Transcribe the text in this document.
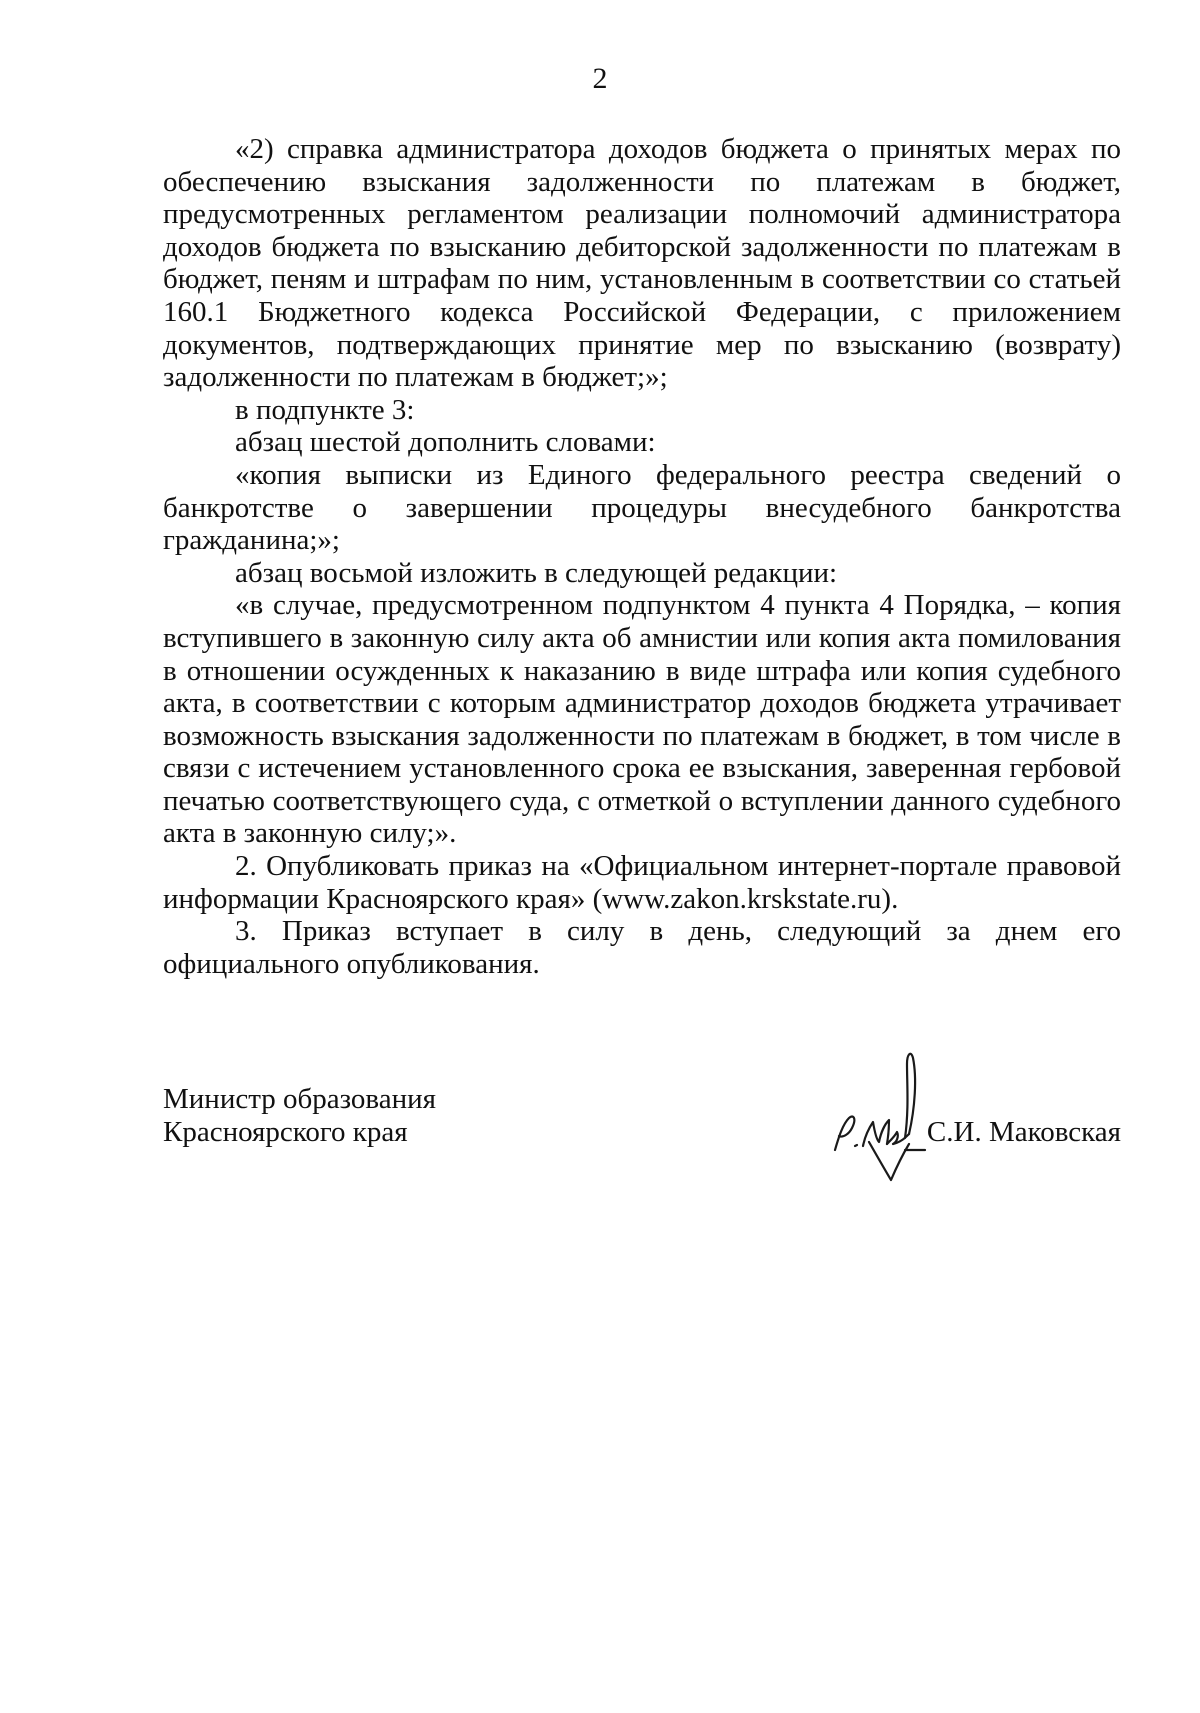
2

«2) справка администратора доходов бюджета о принятых мерах по обеспечению взыскания задолженности по платежам в бюджет, предусмотренных регламентом реализации полномочий администратора доходов бюджета по взысканию дебиторской задолженности по платежам в бюджет, пеням и штрафам по ним, установленным в соответствии со статьей 160.1 Бюджетного кодекса Российской Федерации, с приложением документов, подтверждающих принятие мер по взысканию (возврату) задолженности по платежам в бюджет;»;

в подпункте 3:

абзац шестой дополнить словами:

«копия выписки из Единого федерального реестра сведений о банкротстве о завершении процедуры внесудебного банкротства гражданина;»;

абзац восьмой изложить в следующей редакции:

«в случае, предусмотренном подпунктом 4 пункта 4 Порядка, – копия вступившего в законную силу акта об амнистии или копия акта помилования в отношении осужденных к наказанию в виде штрафа или копия судебного акта, в соответствии с которым администратор доходов бюджета утрачивает возможность взыскания задолженности по платежам в бюджет, в том числе в связи с истечением установленного срока ее взыскания, заверенная гербовой печатью соответствующего суда, с отметкой о вступлении данного судебного акта в законную силу;».

2. Опубликовать приказ на «Официальном интернет-портале правовой информации Красноярского края» (www.zakon.krskstate.ru).

3. Приказ вступает в силу в день, следующий за днем его официального опубликования.

Министр образования
Красноярского края	С.И. Маковская
